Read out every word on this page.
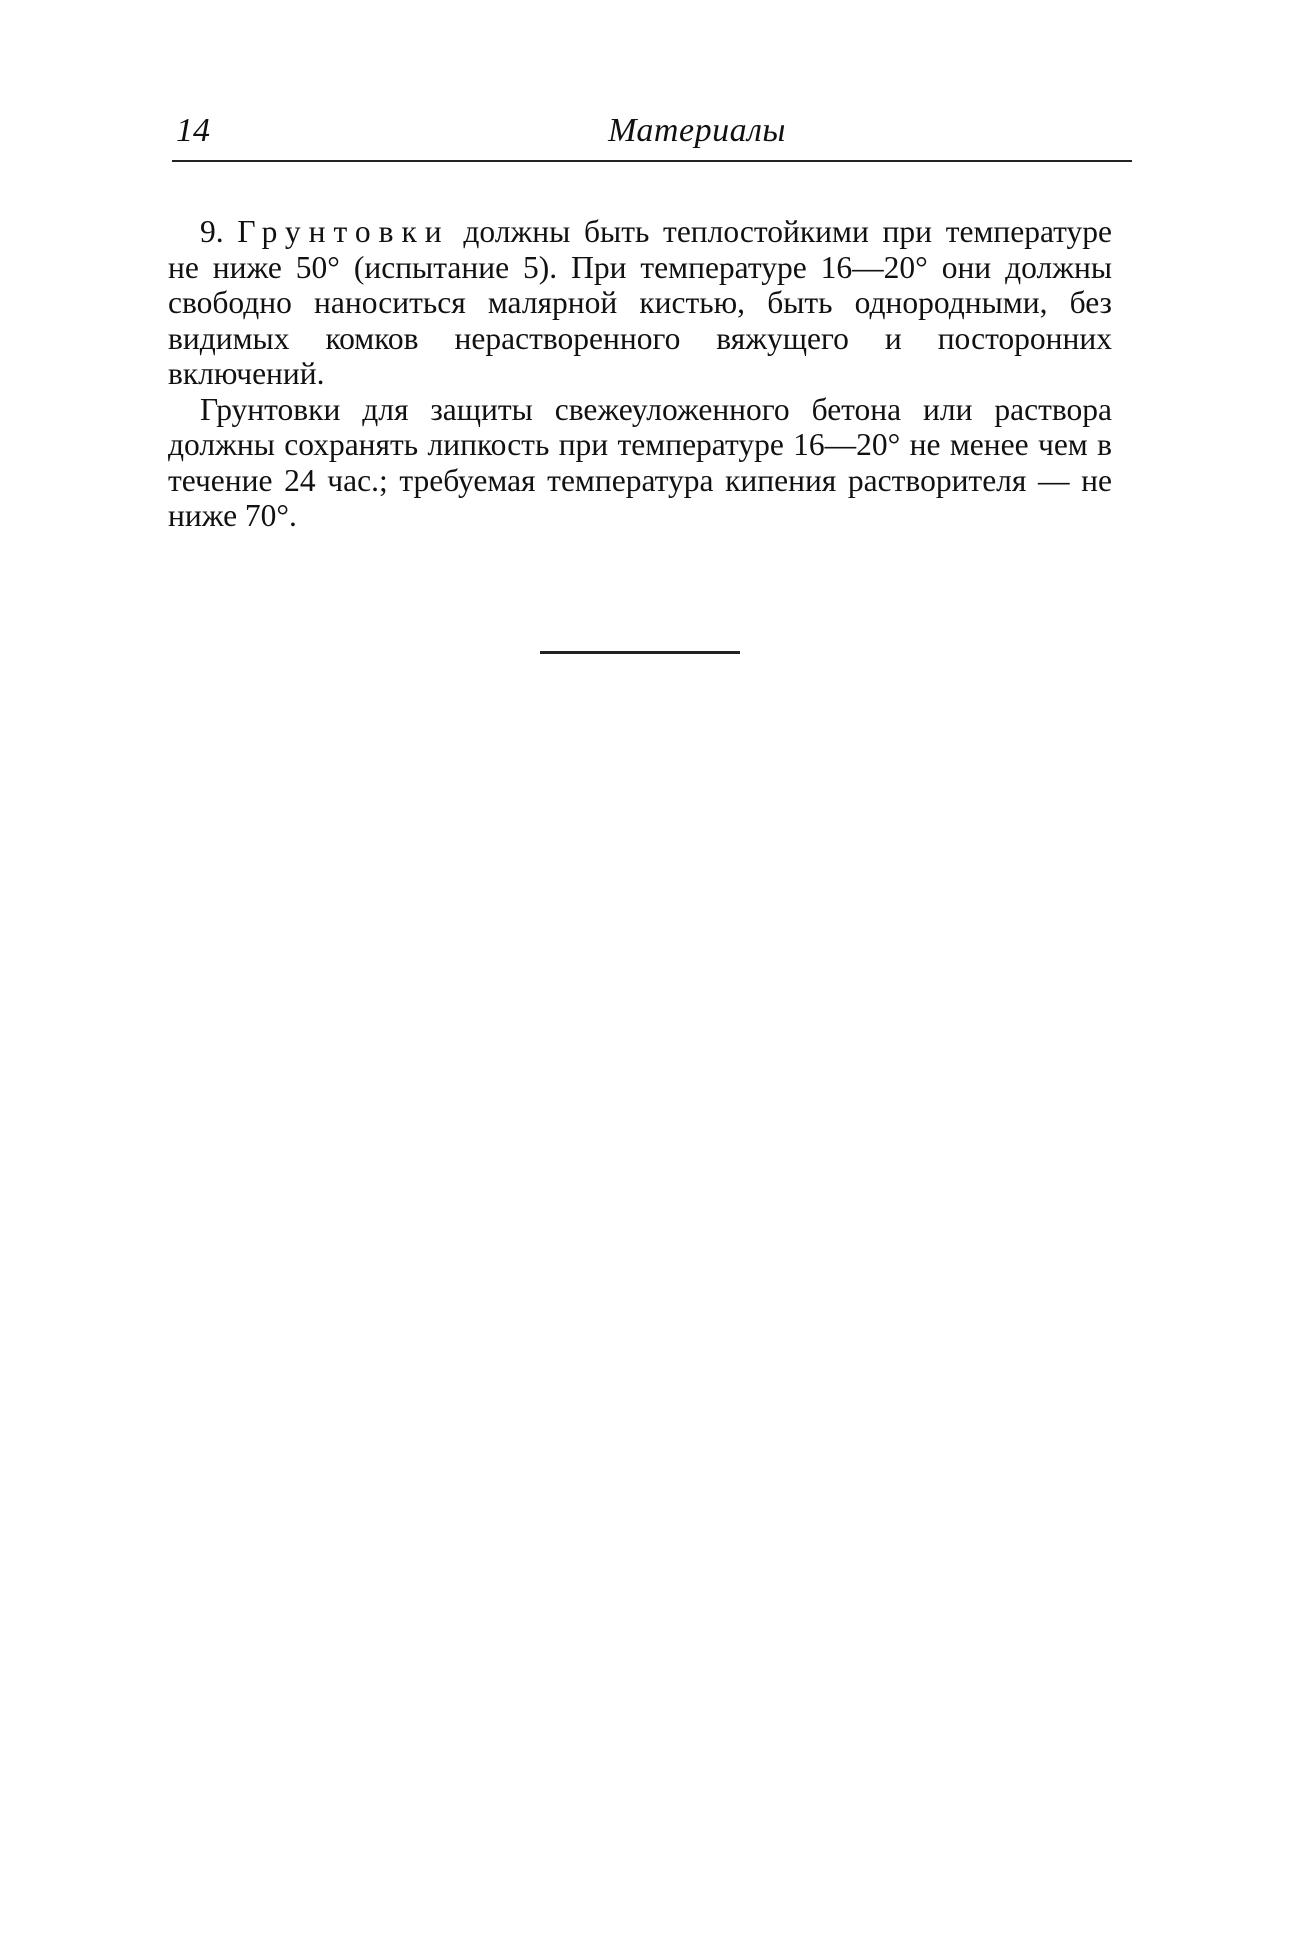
14	Материалы

9. Грунтовки должны быть теплостойкими при температуре не ниже 50° (испытание 5). При температуре 16—20° они должны свободно наноситься малярной кистью, быть однородными, без видимых комков нерастворенного вяжущего и посторонних включений.

Грунтовки для защиты свежеуложенного бетона или раствора должны сохранять липкость при температуре 16—20° не менее чем в течение 24 час.; требуемая температура кипения растворителя — не ниже 70°.
